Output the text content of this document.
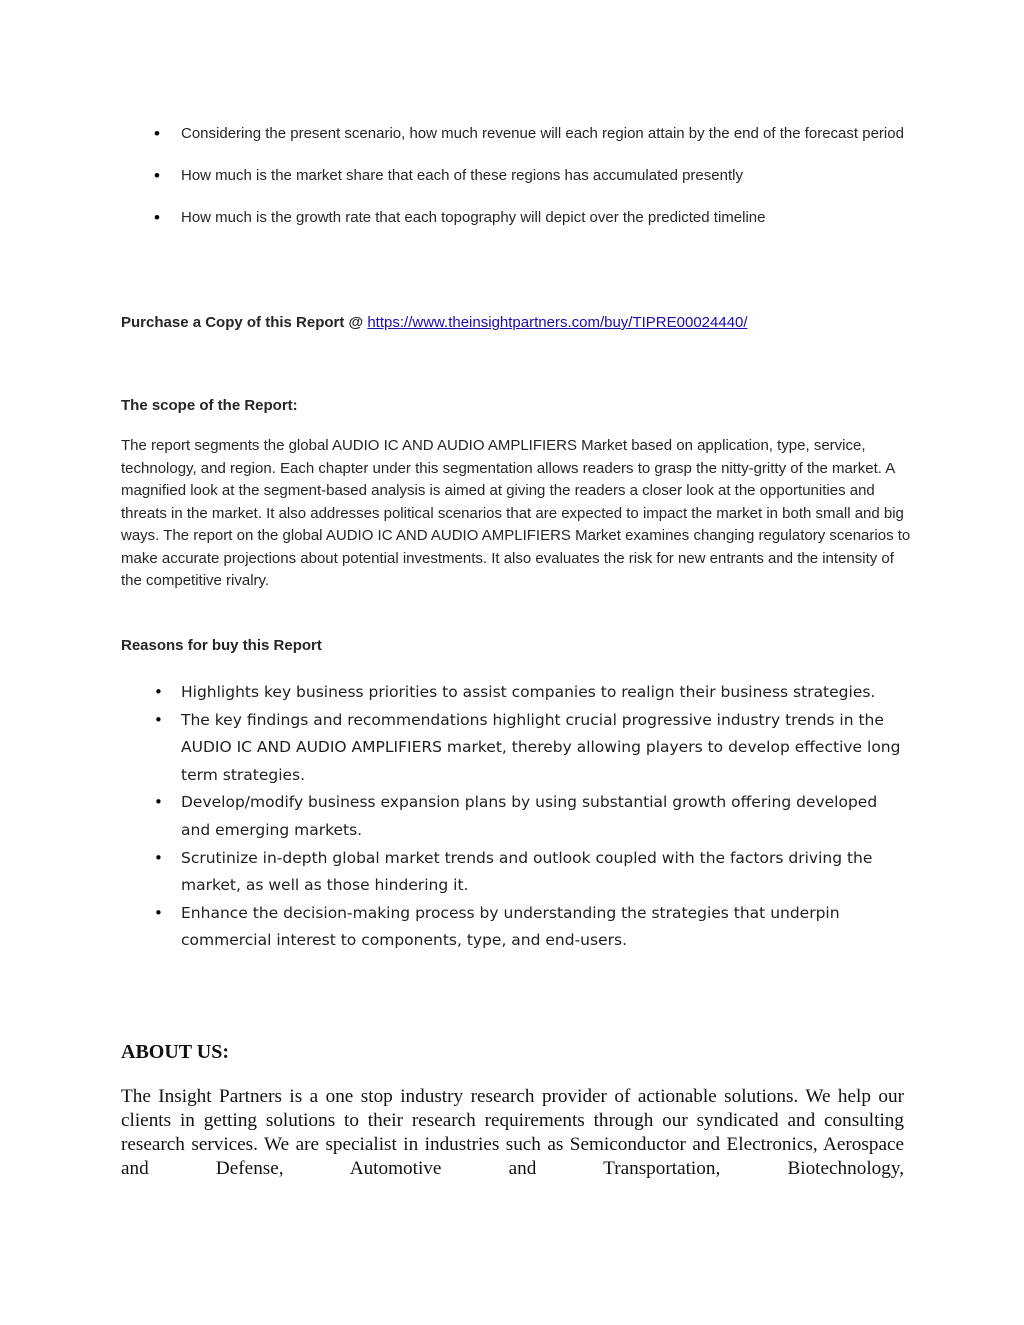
• Considering the present scenario, how much revenue will each region attain by the end of the forecast period
• How much is the market share that each of these regions has accumulated presently
• How much is the growth rate that each topography will depict over the predicted timeline
Purchase a Copy of this Report @ https://www.theinsightpartners.com/buy/TIPRE00024440/
The scope of the Report:
The report segments the global AUDIO IC AND AUDIO AMPLIFIERS Market based on application, type, service, technology, and region. Each chapter under this segmentation allows readers to grasp the nitty-gritty of the market. A magnified look at the segment-based analysis is aimed at giving the readers a closer look at the opportunities and threats in the market. It also addresses political scenarios that are expected to impact the market in both small and big ways. The report on the global AUDIO IC AND AUDIO AMPLIFIERS Market examines changing regulatory scenarios to make accurate projections about potential investments. It also evaluates the risk for new entrants and the intensity of the competitive rivalry.
Reasons for buy this Report
• Highlights key business priorities to assist companies to realign their business strategies.
• The key findings and recommendations highlight crucial progressive industry trends in the AUDIO IC AND AUDIO AMPLIFIERS market, thereby allowing players to develop effective long term strategies.
• Develop/modify business expansion plans by using substantial growth offering developed and emerging markets.
• Scrutinize in-depth global market trends and outlook coupled with the factors driving the market, as well as those hindering it.
• Enhance the decision-making process by understanding the strategies that underpin commercial interest to components, type, and end-users.
ABOUT US:
The Insight Partners is a one stop industry research provider of actionable solutions. We help our clients in getting solutions to their research requirements through our syndicated and consulting research services. We are specialist in industries such as Semiconductor and Electronics, Aerospace and Defense, Automotive and Transportation, Biotechnology,
